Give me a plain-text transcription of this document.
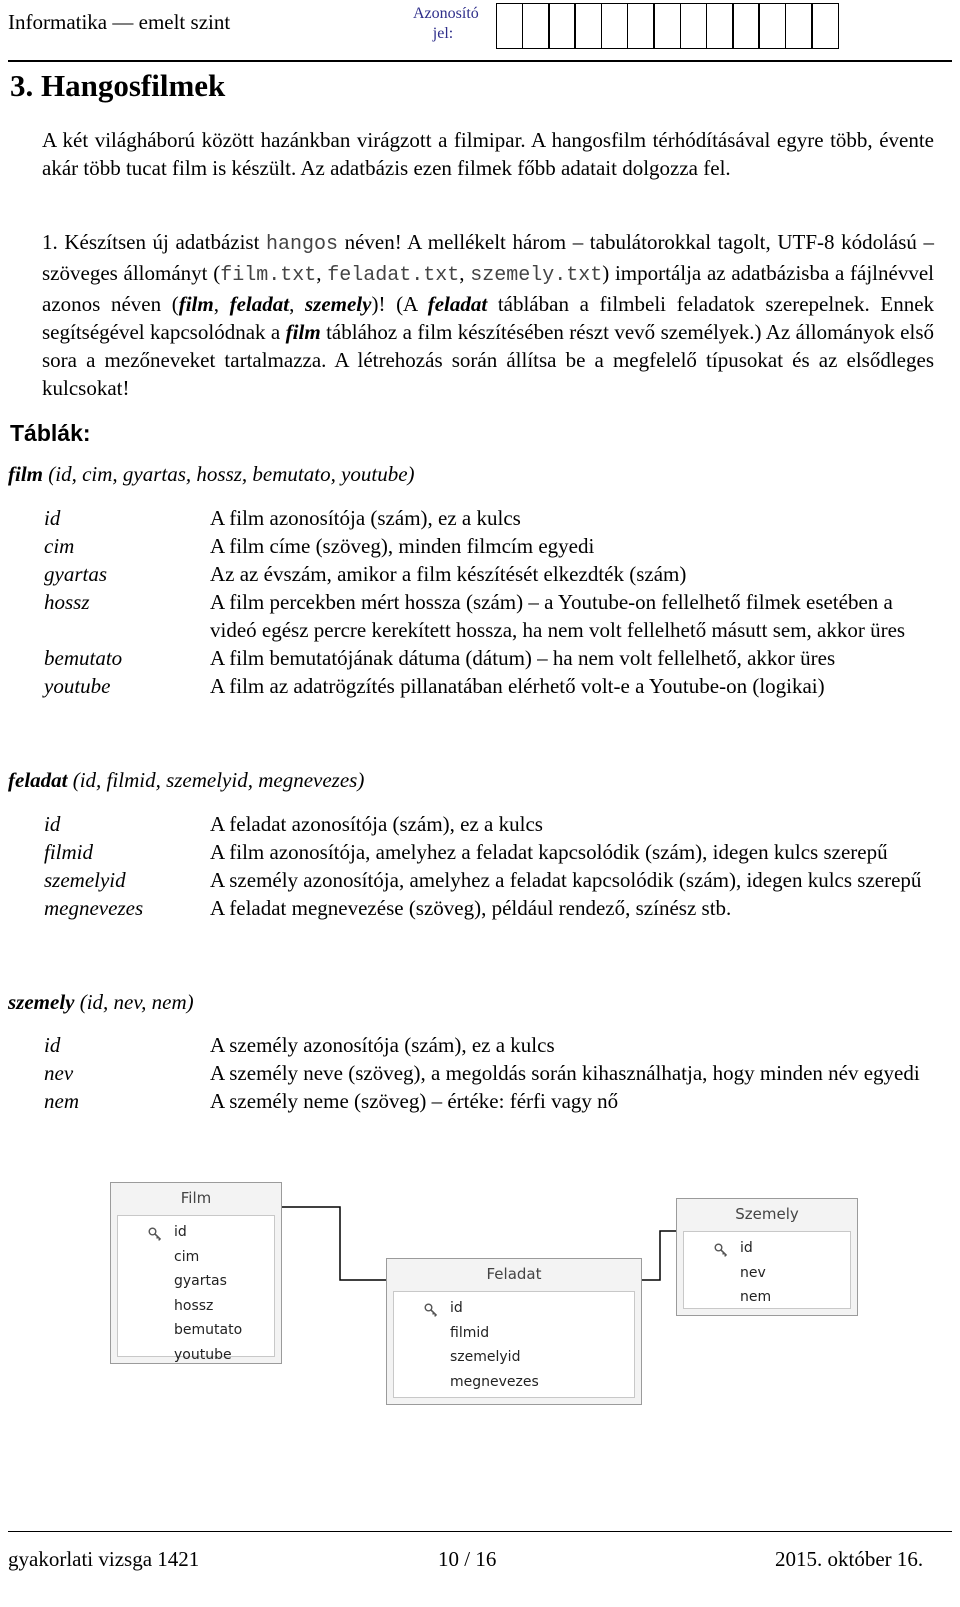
Informatika — emelt szint	Azonosító
jel:
3. Hangosfilmek
A két világháború között hazánkban virágzott a filmipar. A hangosfilm térhódításával egyre több, évente akár több tucat film is készült. Az adatbázis ezen filmek főbb adatait dolgozza fel.
1. Készítsen új adatbázist hangos néven! A mellékelt három – tabulátorokkal tagolt, UTF-8 kódolású – szöveges állományt (film.txt, feladat.txt, szemely.txt) importálja az adatbázisba a fájlnévvel azonos néven (film, feladat, szemely)! (A feladat táblában a filmbeli feladatok szerepelnek. Ennek segítségével kapcsolódnak a film táblához a film készítésében részt vevő személyek.) Az állományok első sora a mezőneveket tartalmazza. A létrehozás során állítsa be a megfelelő típusokat és az elsődleges kulcsokat!
Táblák:
film (id, cim, gyartas, hossz, bemutato, youtube)
id	A film azonosítója (szám), ez a kulcs
cim	A film címe (szöveg), minden filmcím egyedi
gyartas	Az az évszám, amikor a film készítését elkezdték (szám)
hossz	A film percekben mért hossza (szám) – a Youtube-on fellelhető filmek esetében a videó egész percre kerekített hossza, ha nem volt fellelhető másutt sem, akkor üres
bemutato	A film bemutatójának dátuma (dátum) – ha nem volt fellelhető, akkor üres
youtube	A film az adatrögzítés pillanatában elérhető volt-e a Youtube-on (logikai)
feladat (id, filmid, szemelyid, megnevezes)
id	A feladat azonosítója (szám), ez a kulcs
filmid	A film azonosítója, amelyhez a feladat kapcsolódik (szám), idegen kulcs szerepű
szemelyid	A személy azonosítója, amelyhez a feladat kapcsolódik (szám), idegen kulcs szerepű
megnevezes	A feladat megnevezése (szöveg), például rendező, színész stb.
szemely (id, nev, nem)
id	A személy azonosítója (szám), ez a kulcs
nev	A személy neve (szöveg), a megoldás során kihasználhatja, hogy minden név egyedi
nem	A személy neme (szöveg) – értéke: férfi vagy nő
Film
id
cim
gyartas
hossz
bemutato
youtube
Feladat
id
filmid
szemelyid
megnevezes
Szemely
id
nev
nem
gyakorlati vizsga 1421	10 / 16	2015. október 16.
